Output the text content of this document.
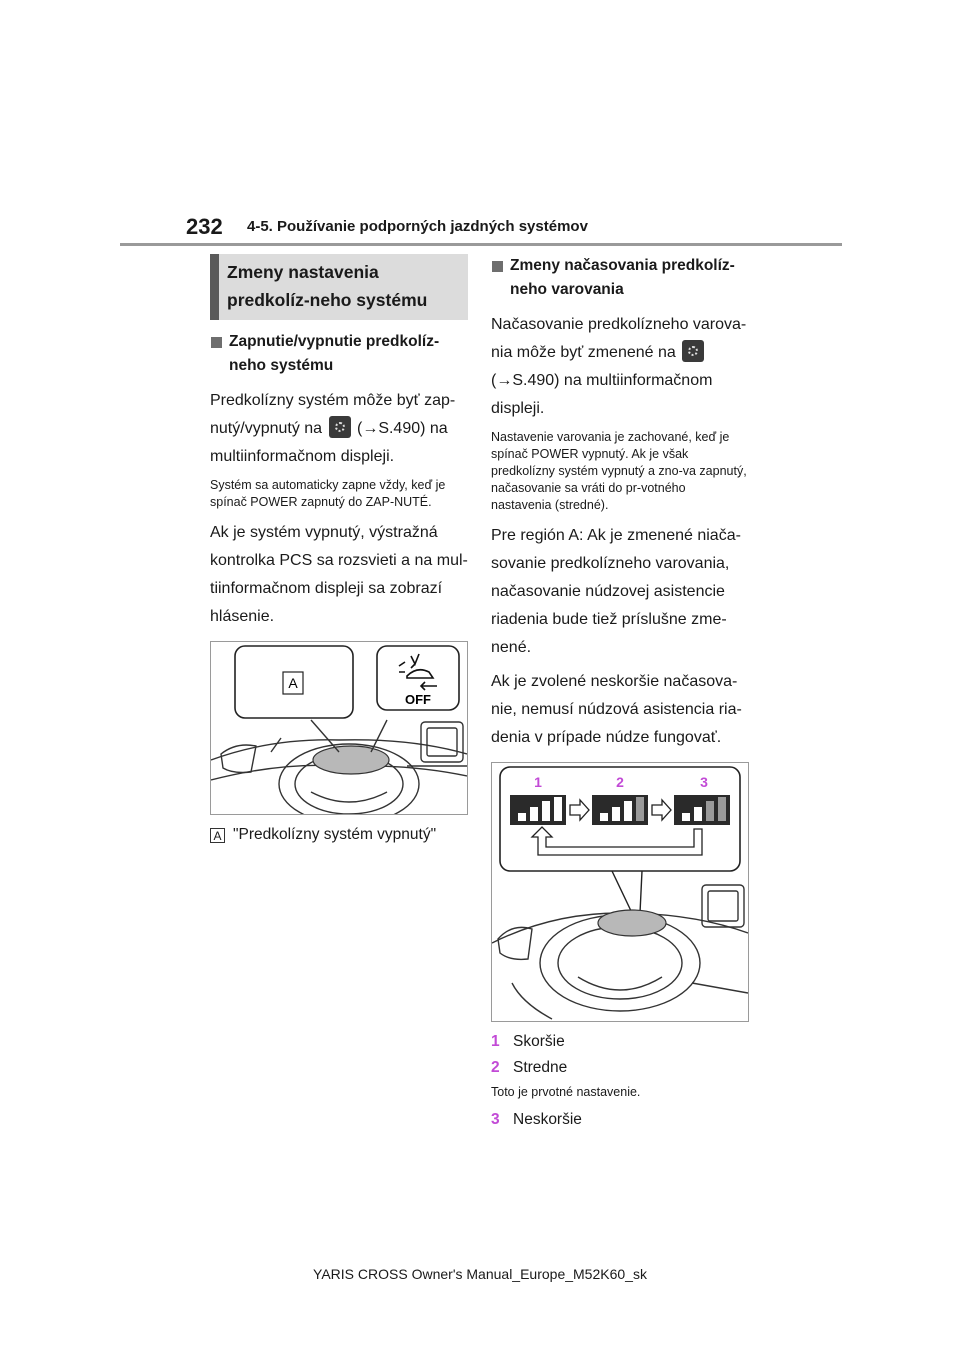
232 4-5. Používanie podporných jazdných systémov
Zmeny nastavenia predkolíz-neho systému
Zapnutie/vypnutie predkolíz-neho systému

Predkolízny systém môže byť zap-nutý/vypnutý na (→S.490) na multiinformačnom displeji.

Systém sa automaticky zapne vždy, keď je spínač POWER zapnutý do ZAP-NUTÉ.

Ak je systém vypnutý, výstražná kontrolka PCS sa rozsvieti a na mul-tiinformačnom displeji sa zobrazí hlásenie.

A
OFF
A "Predkolízny systém vypnutý"
Zmeny načasovania predkolíz-neho varovania

Načasovanie predkolízneho varova-nia môže byť zmenené na  (→S.490) na multiinformačnom displeji.

Nastavenie varovania je zachované, keď je spínač POWER vypnutý. Ak je však predkolízny systém vypnutý a zno-va zapnutý, načasovanie sa vráti do pr-votného nastavenia (stredné).

Pre región A: Ak je zmenené niača-sovanie predkolízneho varovania, načasovanie núdzovej asistencie riadenia bude tiež príslušne zme-nené.

Ak je zvolené neskoršie načasova-nie, nemusí núdzová asistencia ria-denia v prípade núdze fungovať.

1	2	3
1 Skoršie
2 Stredne

Toto je prvotné nastavenie.

3 Neskoršie
YARIS CROSS Owner's Manual_Europe_M52K60_sk
